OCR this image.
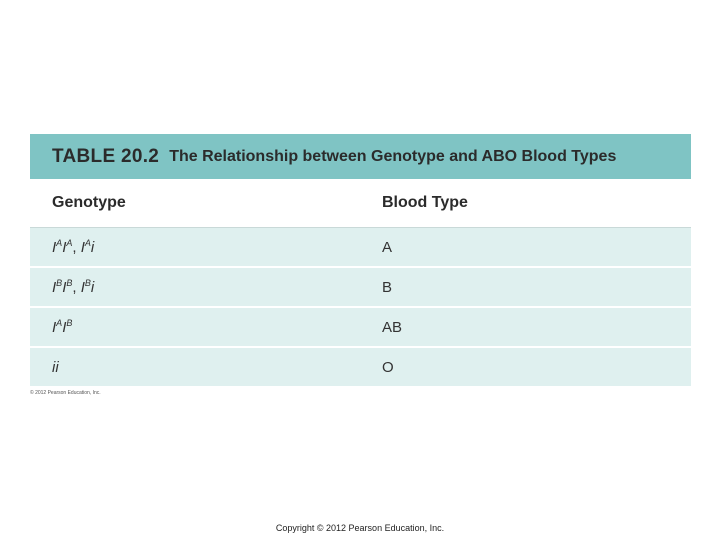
TABLE 20.2 The Relationship between Genotype and ABO Blood Types
Genotype	Blood Type
$I^AI^A$, $I^Ai$	A
$I^BI^B$, $I^Bi$	B
$I^AI^B$	AB
ii	O
© 2012 Pearson Education, Inc.
Copyright © 2012 Pearson Education, Inc.
